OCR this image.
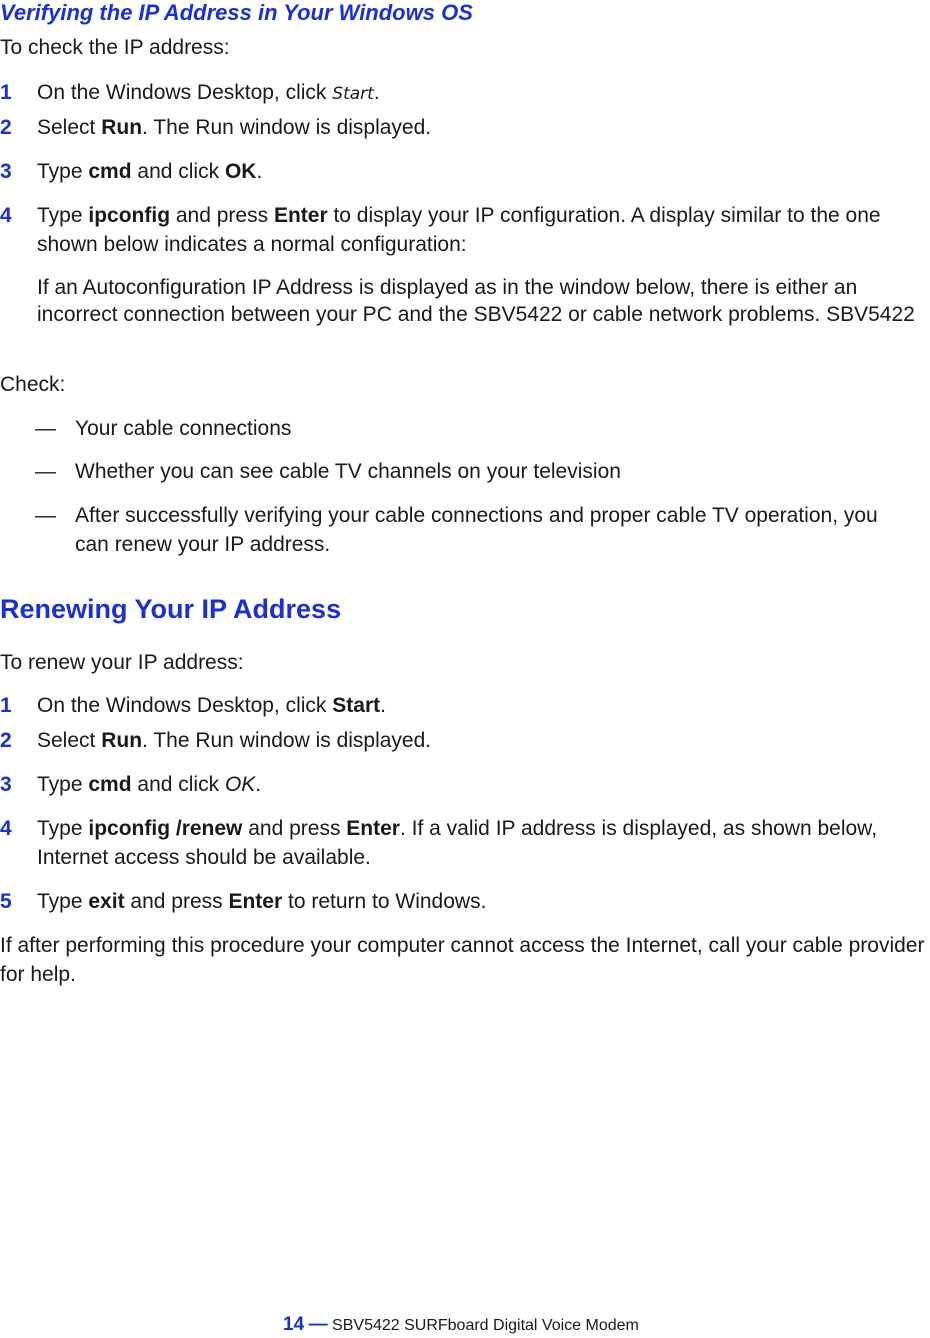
Verifying the IP Address in Your Windows OS
To check the IP address:
1	On the Windows Desktop, click Start.
2	Select Run. The Run window is displayed.
3	Type cmd and click OK.
4	Type ipconfig and press Enter to display your IP configuration. A display similar to the one shown below indicates a normal configuration:
If an Autoconfiguration IP Address is displayed as in the window below, there is either an incorrect connection between your PC and the SBV5422 or cable network problems. SBV5422
Check:
— Your cable connections
— Whether you can see cable TV channels on your television
— After successfully verifying your cable connections and proper cable TV operation, you can renew your IP address.
Renewing Your IP Address
To renew your IP address:
1	On the Windows Desktop, click Start.
2	Select Run. The Run window is displayed.
3	Type cmd and click OK.
4	Type ipconfig /renew and press Enter. If a valid IP address is displayed, as shown below, Internet access should be available.
5	Type exit and press Enter to return to Windows.
If after performing this procedure your computer cannot access the Internet, call your cable provider for help.
14 — SBV5422 SURFboard Digital Voice Modem
